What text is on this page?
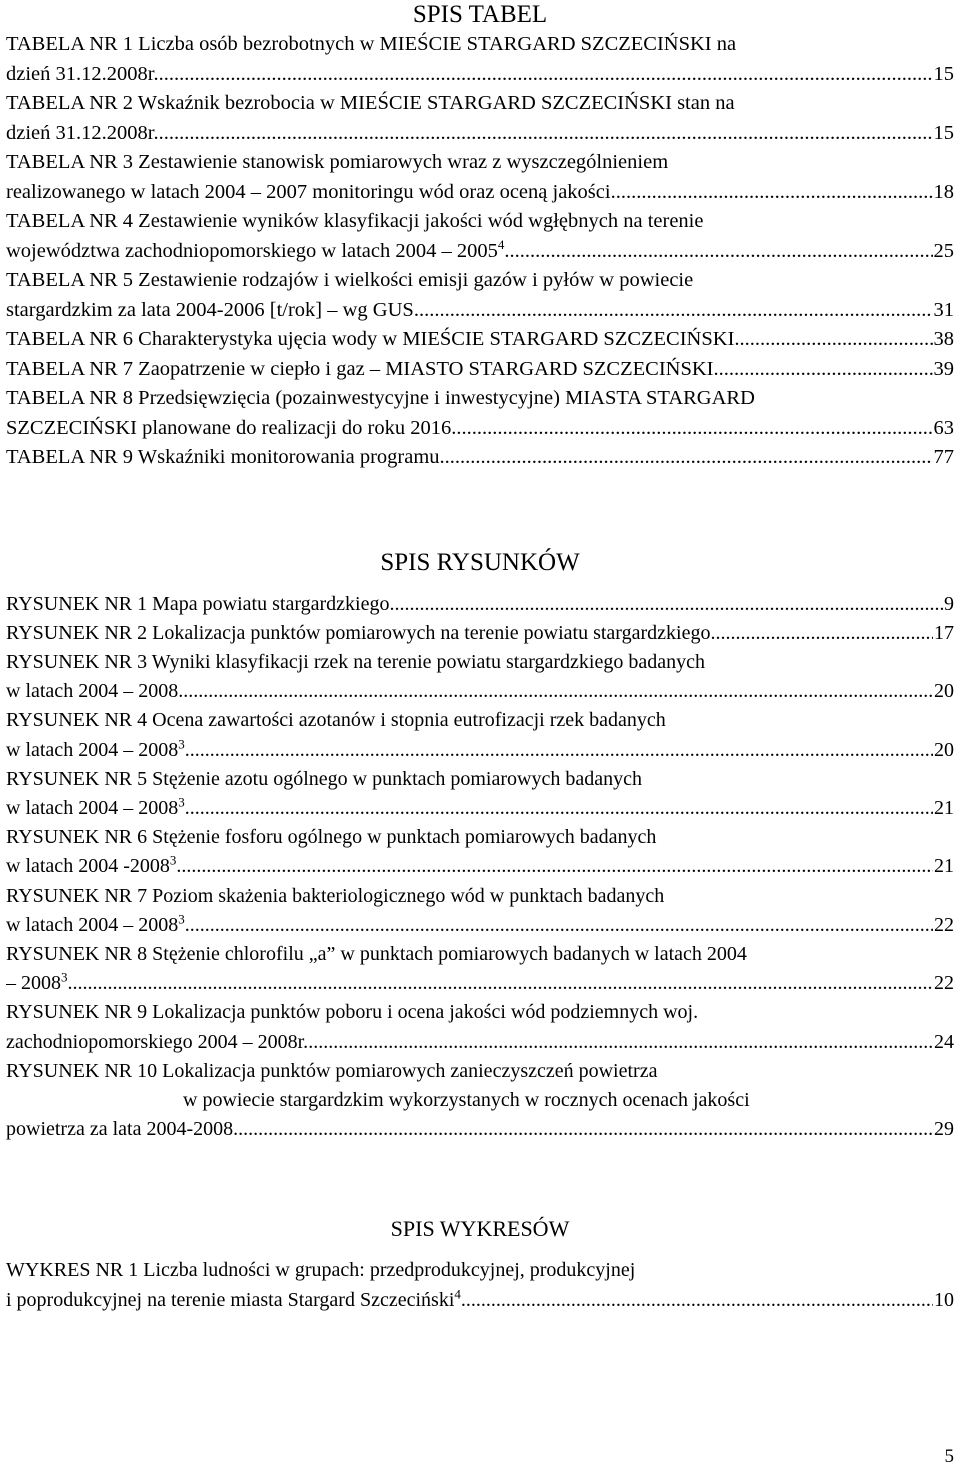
SPIS TABEL
TABELA NR 1 Liczba osób bezrobotnych w MIEŚCIE STARGARD SZCZECIŃSKI na
dzień 31.12.2008r. .....	15
TABELA NR 2 Wskaźnik bezrobocia w MIEŚCIE STARGARD SZCZECIŃSKI stan na
dzień 31.12.2008r. .....	15
TABELA NR 3 Zestawienie stanowisk pomiarowych wraz z wyszczególnieniem
realizowanego w latach 2004 – 2007 monitoringu wód oraz oceną jakości .....	18
TABELA NR 4 Zestawienie wyników klasyfikacji jakości wód wgłębnych na terenie
województwa zachodniopomorskiego w latach 2004 – 2005$^4$ .....	25
TABELA NR 5 Zestawienie rodzajów i wielkości emisji gazów i pyłów w powiecie
stargardzkim za lata 2004-2006 [t/rok] – wg GUS .....	31
TABELA NR 6 Charakterystyka ujęcia wody w MIEŚCIE STARGARD SZCZECIŃSKI .....	38
TABELA NR 7 Zaopatrzenie w ciepło i gaz – MIASTO STARGARD SZCZECIŃSKI .....	39
TABELA NR 8 Przedsięwzięcia (pozainwestycyjne i inwestycyjne) MIASTA STARGARD
SZCZECIŃSKI planowane do realizacji do roku 2016 .....	63
TABELA NR 9 Wskaźniki monitorowania programu .....	77
SPIS RYSUNKÓW
RYSUNEK NR 1 Mapa powiatu stargardzkiego .....	9
RYSUNEK NR 2 Lokalizacja punktów pomiarowych na terenie powiatu stargardzkiego .....	17
RYSUNEK NR 3 Wyniki klasyfikacji rzek na terenie powiatu stargardzkiego badanych
w latach 2004 – 2008. .....	20
RYSUNEK NR 4 Ocena zawartości azotanów i stopnia eutrofizacji rzek badanych
w latach 2004 – 2008$^3$ .....	20
RYSUNEK NR 5 Stężenie azotu ogólnego w punktach pomiarowych badanych
w latach 2004 – 2008$^3$ .....	21
RYSUNEK NR 6 Stężenie fosforu ogólnego w punktach pomiarowych badanych
w latach 2004 -2008$^3$ .....	21
RYSUNEK NR 7 Poziom skażenia bakteriologicznego wód w punktach badanych
w latach 2004 – 2008$^3$ .....	22
RYSUNEK NR 8 Stężenie chlorofilu „a” w punktach pomiarowych badanych w latach 2004
– 2008$^3$ .....	22
RYSUNEK NR 9 Lokalizacja punktów poboru i ocena jakości wód podziemnych woj.
zachodniopomorskiego 2004 – 2008r. .....	24
RYSUNEK NR 10 Lokalizacja punktów pomiarowych zanieczyszczeń powietrza
w powiecie stargardzkim wykorzystanych w rocznych ocenach jakości
powietrza za lata 2004-2008 .....	29
SPIS WYKRESÓW
WYKRES NR 1 Liczba ludności w grupach: przedprodukcyjnej, produkcyjnej
i poprodukcyjnej na terenie miasta Stargard Szczeciński$^4$ .....	10
5
